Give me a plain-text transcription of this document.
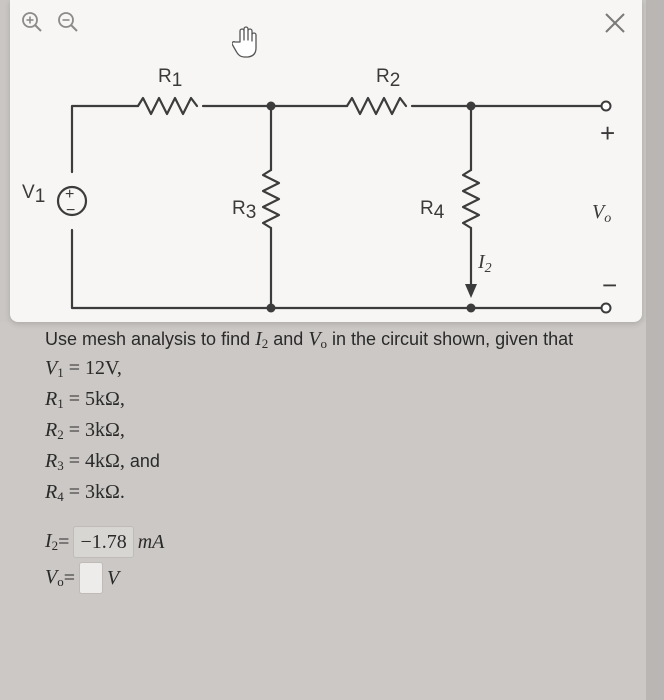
+
−
R1	R2
R3	R4
V1
$V_o$
$I_2$
+
−
Use mesh analysis to find I2 and Vo in the circuit shown, given that
V1 = 12V,
R1 = 5kΩ,
R2 = 3kΩ,
R3 = 4kΩ, and
R4 = 3kΩ.
I2 = −1.78 mA
Vo = V
